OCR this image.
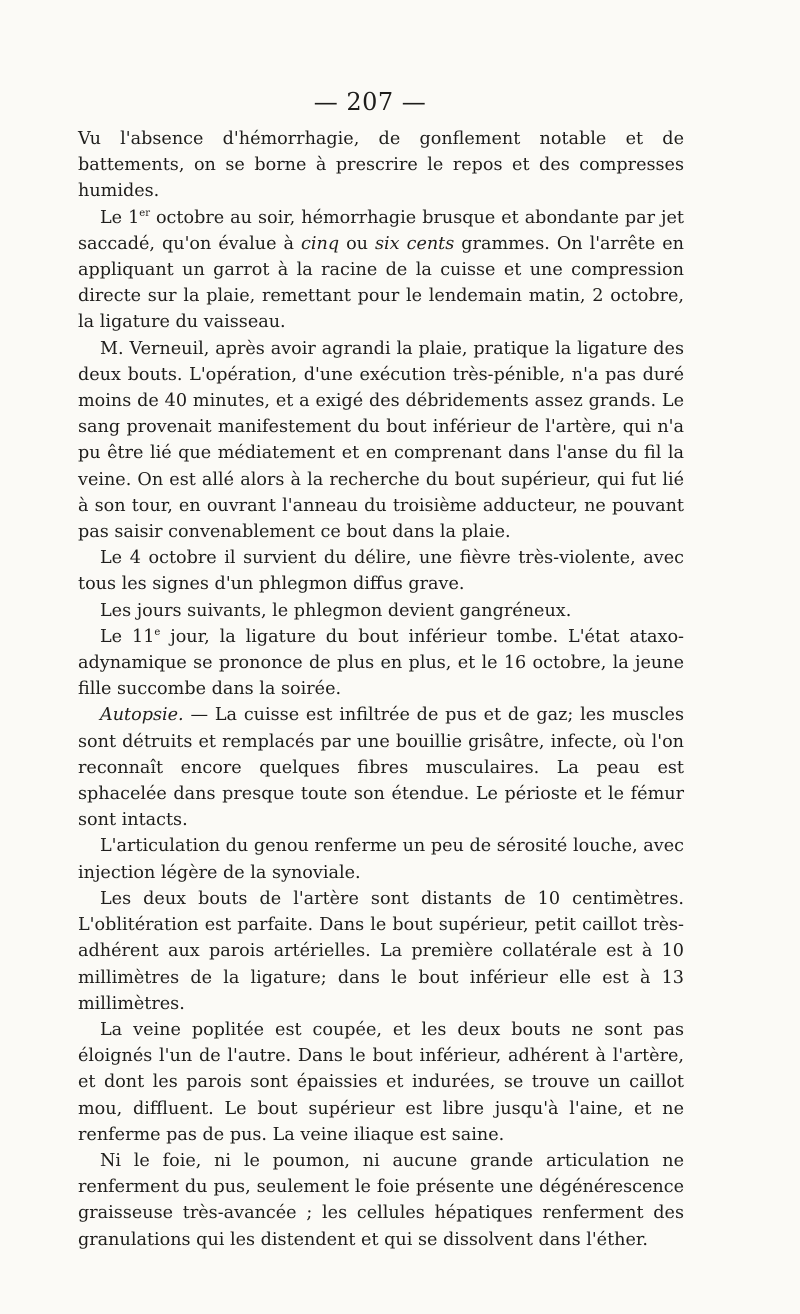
— 207 —

Vu l'absence d'hémorrhagie, de gonflement notable et de battements, on se borne à prescrire le repos et des compresses humides.

Le 1er octobre au soir, hémorrhagie brusque et abondante par jet saccadé, qu'on évalue à cinq ou six cents grammes. On l'arrête en appliquant un garrot à la racine de la cuisse et une compression directe sur la plaie, remettant pour le lendemain matin, 2 octobre, la ligature du vaisseau.

M. Verneuil, après avoir agrandi la plaie, pratique la ligature des deux bouts. L'opération, d'une exécution très-pénible, n'a pas duré moins de 40 minutes, et a exigé des débridements assez grands. Le sang provenait manifestement du bout inférieur de l'artère, qui n'a pu être lié que médiatement et en comprenant dans l'anse du fil la veine. On est allé alors à la recherche du bout supérieur, qui fut lié à son tour, en ouvrant l'anneau du troisième adducteur, ne pouvant pas saisir convenablement ce bout dans la plaie.

Le 4 octobre il survient du délire, une fièvre très-violente, avec tous les signes d'un phlegmon diffus grave.

Les jours suivants, le phlegmon devient gangréneux.

Le 11e jour, la ligature du bout inférieur tombe. L'état ataxo-adynamique se prononce de plus en plus, et le 16 octobre, la jeune fille succombe dans la soirée.

Autopsie. — La cuisse est infiltrée de pus et de gaz; les muscles sont détruits et remplacés par une bouillie grisâtre, infecte, où l'on reconnaît encore quelques fibres musculaires. La peau est sphacelée dans presque toute son étendue. Le périoste et le fémur sont intacts.

L'articulation du genou renferme un peu de sérosité louche, avec injection légère de la synoviale.

Les deux bouts de l'artère sont distants de 10 centimètres. L'oblitération est parfaite. Dans le bout supérieur, petit caillot très-adhérent aux parois artérielles. La première collatérale est à 10 millimètres de la ligature; dans le bout inférieur elle est à 13 millimètres.

La veine poplitée est coupée, et les deux bouts ne sont pas éloignés l'un de l'autre. Dans le bout inférieur, adhérent à l'artère, et dont les parois sont épaissies et indurées, se trouve un caillot mou, diffluent. Le bout supérieur est libre jusqu'à l'aine, et ne renferme pas de pus. La veine iliaque est saine.

Ni le foie, ni le poumon, ni aucune grande articulation ne renferment du pus, seulement le foie présente une dégénérescence graisseuse très-avancée ; les cellules hépatiques renferment des granulations qui les distendent et qui se dissolvent dans l'éther.
